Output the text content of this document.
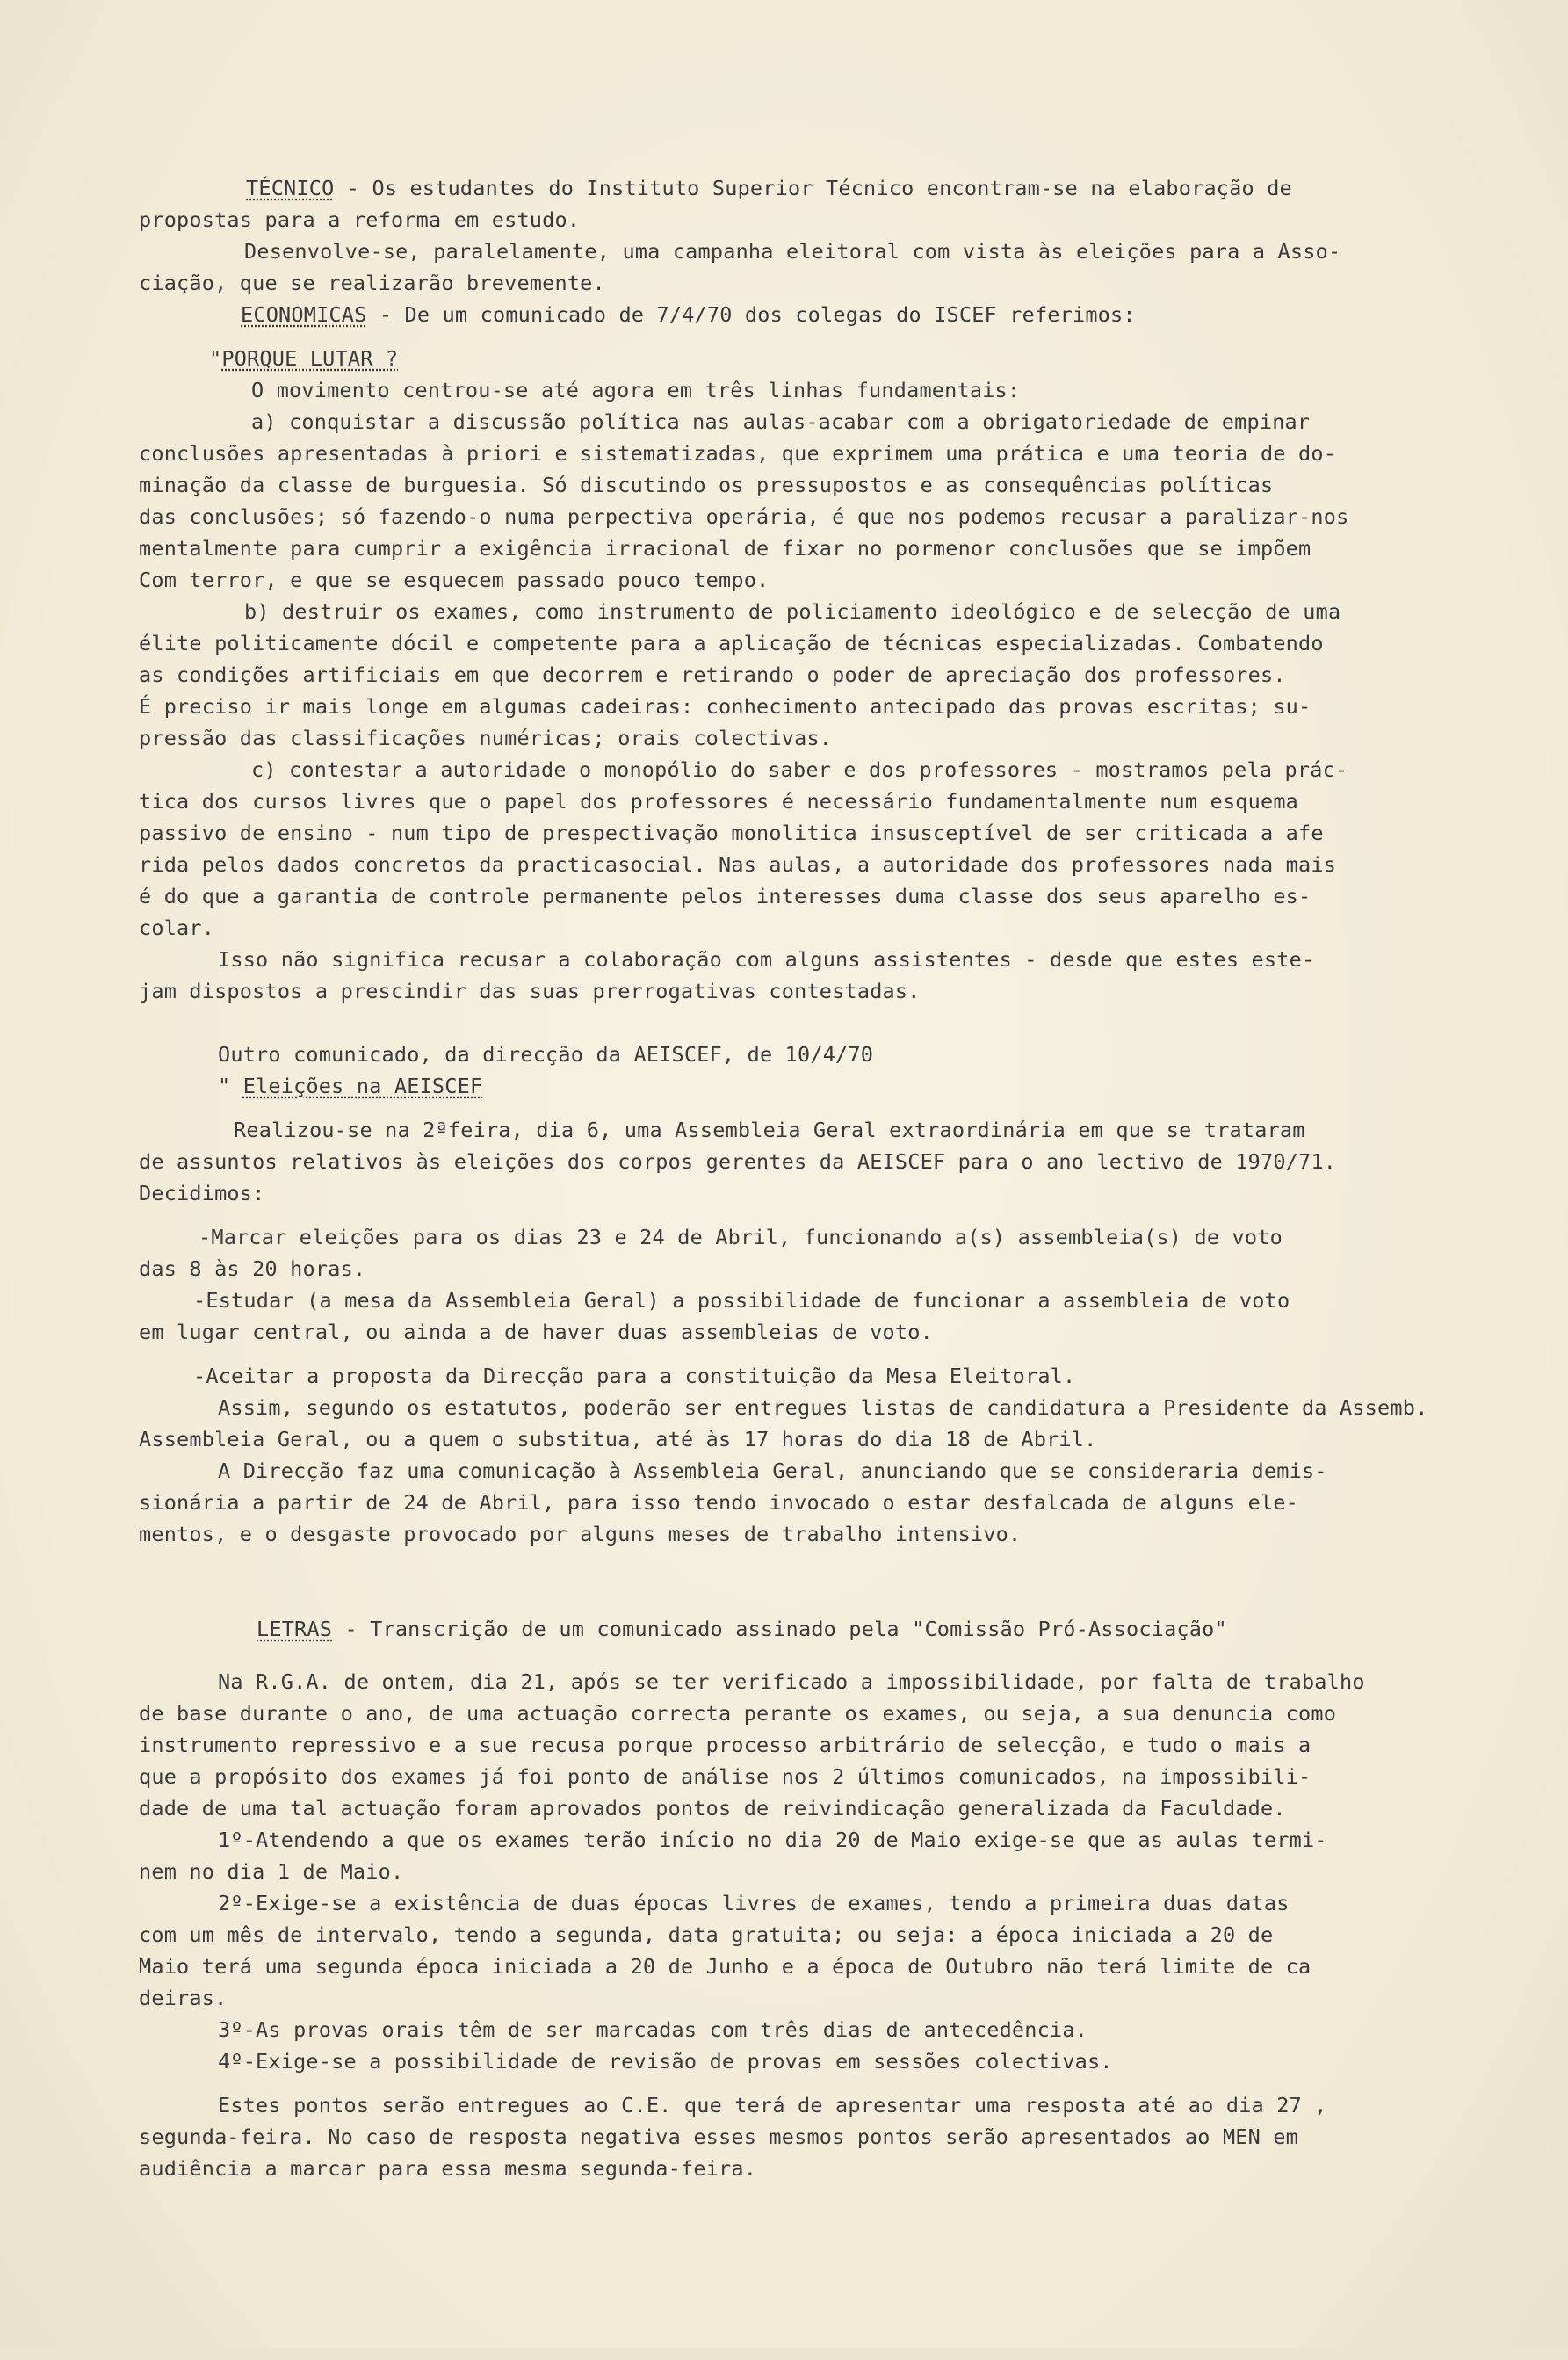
TÉCNICO - Os estudantes do Instituto Superior Técnico encontram-se na elaboração de
propostas para a reforma em estudo.
Desenvolve-se, paralelamente, uma campanha eleitoral com vista às eleições para a Asso-
ciação, que se realizarão brevemente.
ECONOMICAS - De um comunicado de 7/4/70 dos colegas do ISCEF referimos:
"PORQUE LUTAR ?
O movimento centrou-se até agora em três linhas fundamentais:
a) conquistar a discussão política nas aulas-acabar com a obrigatoriedade de empinar
conclusões apresentadas à priori e sistematizadas, que exprimem uma prática e uma teoria de do-
minação da classe de burguesia. Só discutindo os pressupostos e as consequências políticas
das conclusões; só fazendo-o numa perpectiva operária, é que nos podemos recusar a paralizar-nos
mentalmente para cumprir a exigência irracional de fixar no pormenor conclusões que se impõem
Com terror, e que se esquecem passado pouco tempo.
b) destruir os exames, como instrumento de policiamento ideológico e de selecção de uma
élite politicamente dócil e competente para a aplicação de técnicas especializadas. Combatendo
as condições artificiais em que decorrem e retirando o poder de apreciação dos professores.
É preciso ir mais longe em algumas cadeiras: conhecimento antecipado das provas escritas; su-
pressão das classificações numéricas; orais colectivas.
c) contestar a autoridade o monopólio do saber e dos professores - mostramos pela prác-
tica dos cursos livres que o papel dos professores é necessário fundamentalmente num esquema
passivo de ensino - num tipo de prespectivação monolitica insusceptível de ser criticada a afe
rida pelos dados concretos da practicasocial. Nas aulas, a autoridade dos professores nada mais
é do que a garantia de controle permanente pelos interesses duma classe dos seus aparelho es-
colar.
Isso não significa recusar a colaboração com alguns assistentes - desde que estes este-
jam dispostos a prescindir das suas prerrogativas contestadas.
Outro comunicado, da direcção da AEISCEF, de 10/4/70
" Eleições na AEISCEF
Realizou-se na 2ªfeira, dia 6, uma Assembleia Geral extraordinária em que se trataram
de assuntos relativos às eleições dos corpos gerentes da AEISCEF para o ano lectivo de 1970/71.
Decidimos:
-Marcar eleições para os dias 23 e 24 de Abril, funcionando a(s) assembleia(s) de voto
das 8 às 20 horas.
-Estudar (a mesa da Assembleia Geral) a possibilidade de funcionar a assembleia de voto
em lugar central, ou ainda a de haver duas assembleias de voto.
-Aceitar a proposta da Direcção para a constituição da Mesa Eleitoral.
Assim, segundo os estatutos, poderão ser entregues listas de candidatura a Presidente da Assemb.
Assembleia Geral, ou a quem o substitua, até às 17 horas do dia 18 de Abril.
A Direcção faz uma comunicação à Assembleia Geral, anunciando que se consideraria demis-
sionária a partir de 24 de Abril, para isso tendo invocado o estar desfalcada de alguns ele-
mentos, e o desgaste provocado por alguns meses de trabalho intensivo.
LETRAS - Transcrição de um comunicado assinado pela "Comissão Pró-Associação"
Na R.G.A. de ontem, dia 21, após se ter verificado a impossibilidade, por falta de trabalho
de base durante o ano, de uma actuação correcta perante os exames, ou seja, a sua denuncia como
instrumento repressivo e a sue recusa porque processo arbitrário de selecção, e tudo o mais a
que a propósito dos exames já foi ponto de análise nos 2 últimos comunicados, na impossibili-
dade de uma tal actuação foram aprovados pontos de reivindicação generalizada da Faculdade.
1º-Atendendo a que os exames terão início no dia 20 de Maio exige-se que as aulas termi-
nem no dia 1 de Maio.
2º-Exige-se a existência de duas épocas livres de exames, tendo a primeira duas datas
com um mês de intervalo, tendo a segunda, data gratuita; ou seja: a época iniciada a 20 de
Maio terá uma segunda época iniciada a 20 de Junho e a época de Outubro não terá limite de ca
deiras.
3º-As provas orais têm de ser marcadas com três dias de antecedência.
4º-Exige-se a possibilidade de revisão de provas em sessões colectivas.
Estes pontos serão entregues ao C.E. que terá de apresentar uma resposta até ao dia 27 ,
segunda-feira. No caso de resposta negativa esses mesmos pontos serão apresentados ao MEN em
audiência a marcar para essa mesma segunda-feira.
